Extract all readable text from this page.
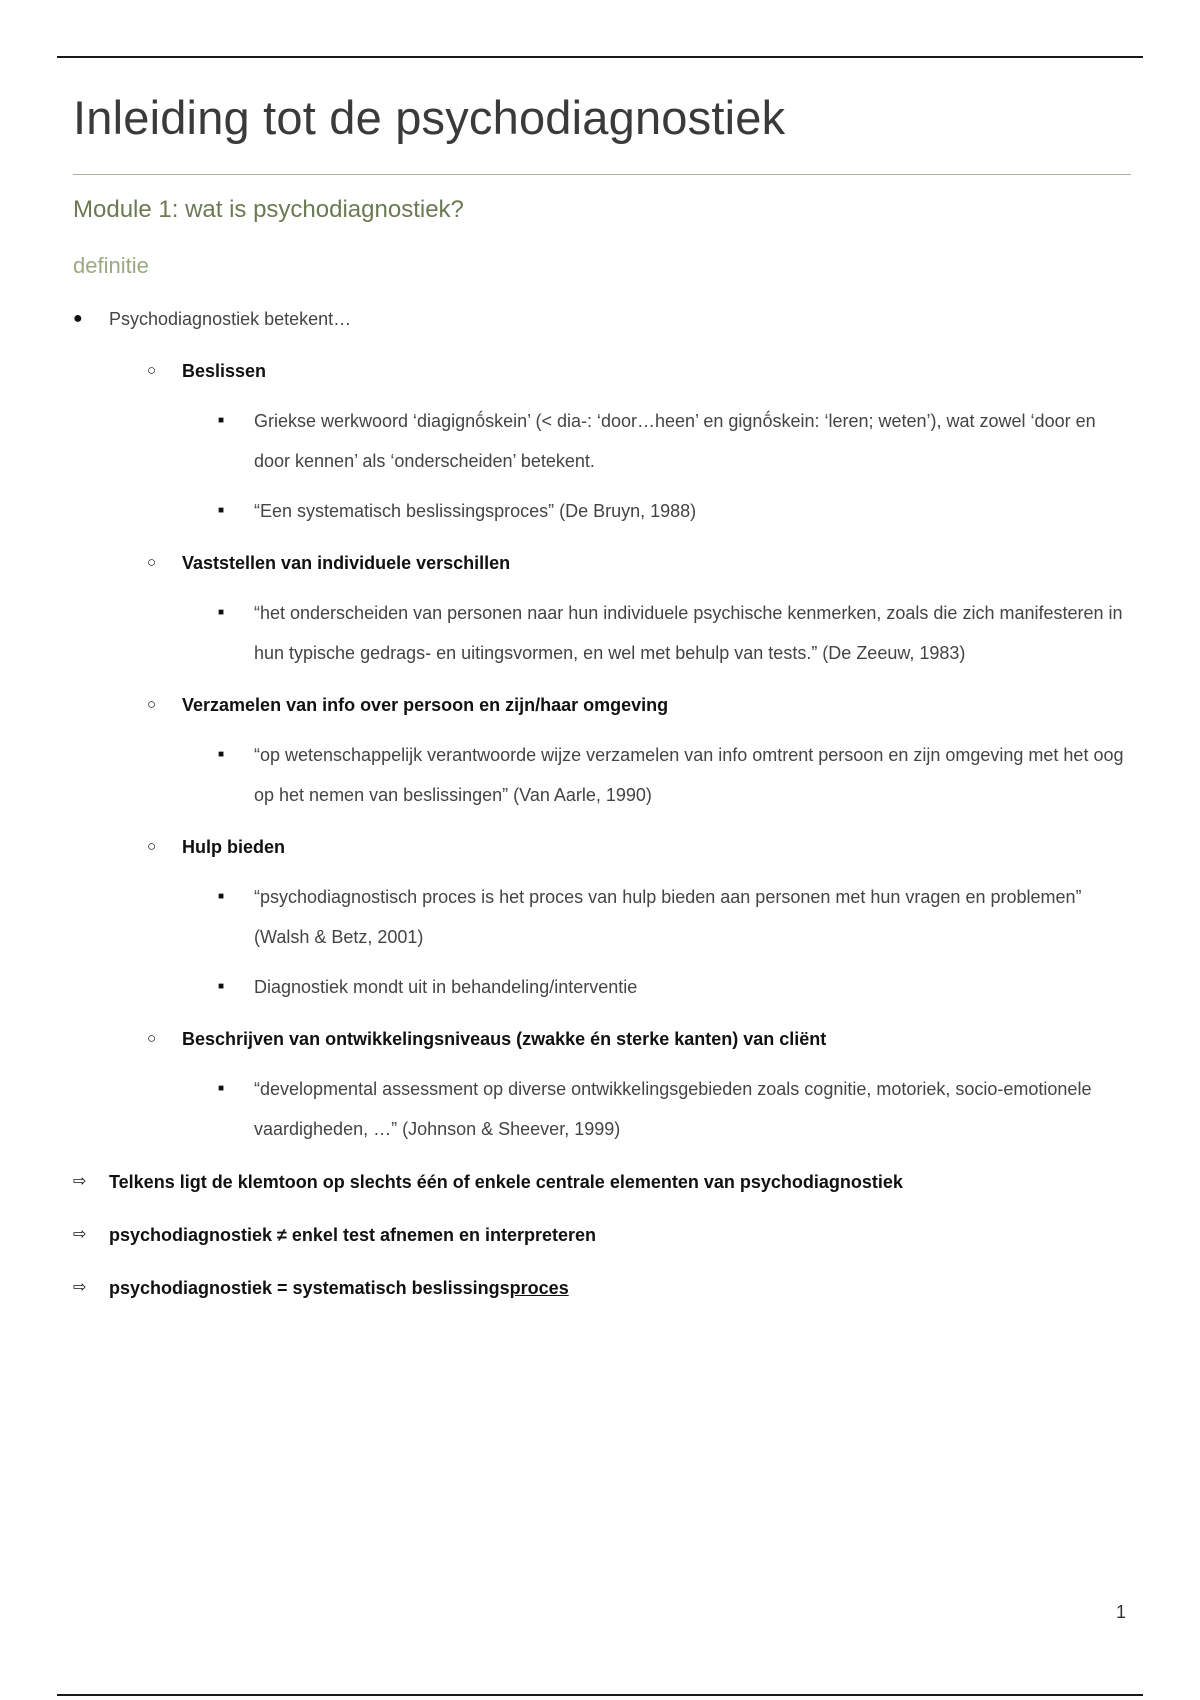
Inleiding tot de psychodiagnostiek
Module 1: wat is psychodiagnostiek?
definitie
● Psychodiagnostiek betekent…
○ Beslissen
■ Griekse werkwoord ‘diagignṓskein’ (< dia-: ‘door…heen’ en gignṓskein: ‘leren; weten’), wat zowel ‘door en door kennen’ als ‘onderscheiden’ betekent.
■ “Een systematisch beslissingsproces” (De Bruyn, 1988)
○ Vaststellen van individuele verschillen
■ “het onderscheiden van personen naar hun individuele psychische kenmerken, zoals die zich manifesteren in hun typische gedrags- en uitingsvormen, en wel met behulp van tests.” (De Zeeuw, 1983)
○ Verzamelen van info over persoon en zijn/haar omgeving
■ “op wetenschappelijk verantwoorde wijze verzamelen van info omtrent persoon en zijn omgeving met het oog op het nemen van beslissingen” (Van Aarle, 1990)
○ Hulp bieden
■ “psychodiagnostisch proces is het proces van hulp bieden aan personen met hun vragen en problemen” (Walsh & Betz, 2001)
■ Diagnostiek mondt uit in behandeling/interventie
○ Beschrijven van ontwikkelingsniveaus (zwakke én sterke kanten) van cliënt
■ “developmental assessment op diverse ontwikkelingsgebieden zoals cognitie, motoriek, socio-emotionele vaardigheden, …” (Johnson & Sheever, 1999)
⇨ Telkens ligt de klemtoon op slechts één of enkele centrale elementen van psychodiagnostiek
⇨ psychodiagnostiek ≠ enkel test afnemen en interpreteren
⇨ psychodiagnostiek = systematisch beslissingsproces
1
